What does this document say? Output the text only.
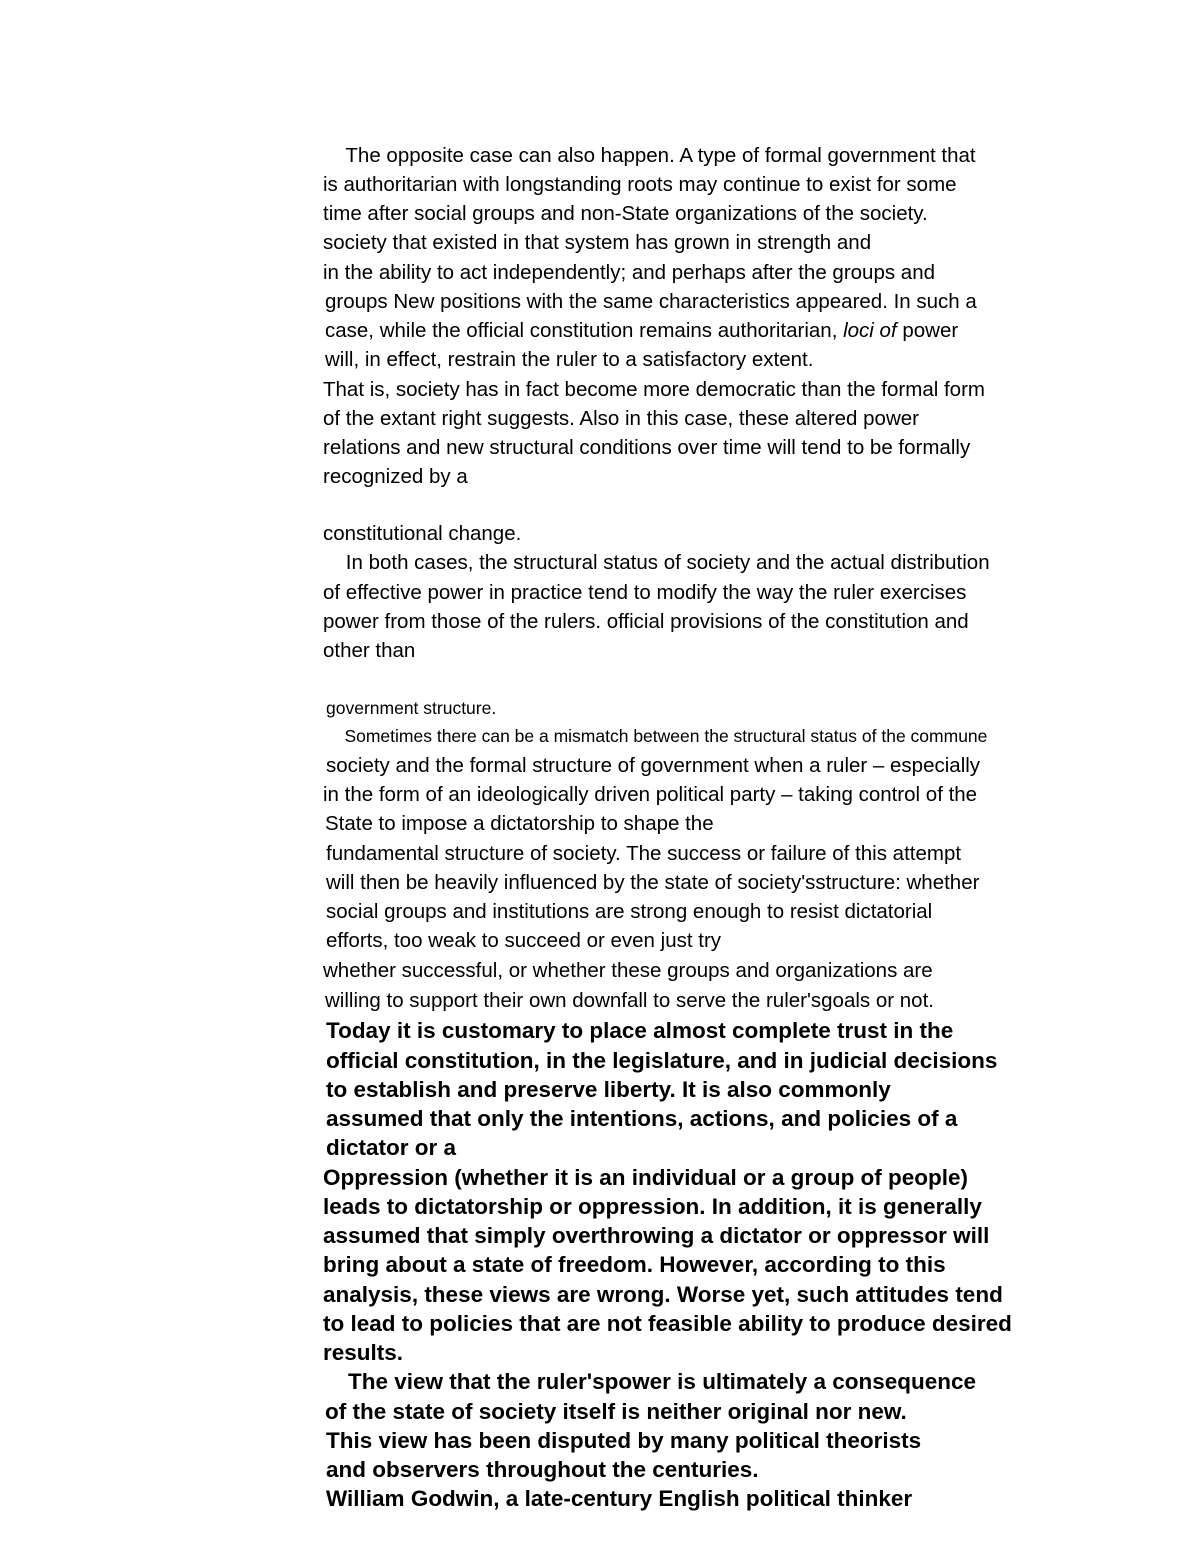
The opposite case can also happen. A type of formal government that

is authoritarian with longstanding roots may continue to exist for some

time after social groups and non-State organizations of the society.

society that existed in that system has grown in strength and

in the ability to act independently; and perhaps after the groups and

groups New positions with the same characteristics appeared. In such a

case, while the official constitution remains authoritarian, loci of power

will, in effect, restrain the ruler to a satisfactory extent.

That is, society has in fact become more democratic than the formal form

of the extant right suggests. Also in this case, these altered power

relations and new structural conditions over time will tend to be formally

recognized by a

constitutional change.

In both cases, the structural status of society and the actual distribution

of effective power in practice tend to modify the way the ruler exercises

power from those of the rulers. official provisions of the constitution and

other than

government structure.

Sometimes there can be a mismatch between the structural status of the commune

society and the formal structure of government when a ruler – especially

in the form of an ideologically driven political party – taking control of the

State to impose a dictatorship to shape the

fundamental structure of society. The success or failure of this attempt

will then be heavily influenced by the state of society'sstructure: whether

social groups and institutions are strong enough to resist dictatorial

efforts, too weak to succeed or even just try

whether successful, or whether these groups and organizations are

willing to support their own downfall to serve the ruler'sgoals or not.

Today it is customary to place almost complete trust in the

official constitution, in the legislature, and in judicial decisions

to establish and preserve liberty. It is also commonly

assumed that only the intentions, actions, and policies of a

dictator or a

Oppression (whether it is an individual or a group of people)

leads to dictatorship or oppression. In addition, it is generally

assumed that simply overthrowing a dictator or oppressor will

bring about a state of freedom. However, according to this

analysis, these views are wrong. Worse yet, such attitudes tend

to lead to policies that are not feasible ability to produce desired

results.

The view that the ruler'spower is ultimately a consequence

of the state of society itself is neither original nor new.

This view has been disputed by many political theorists

and observers throughout the centuries.

William Godwin, a late-century English political thinker
